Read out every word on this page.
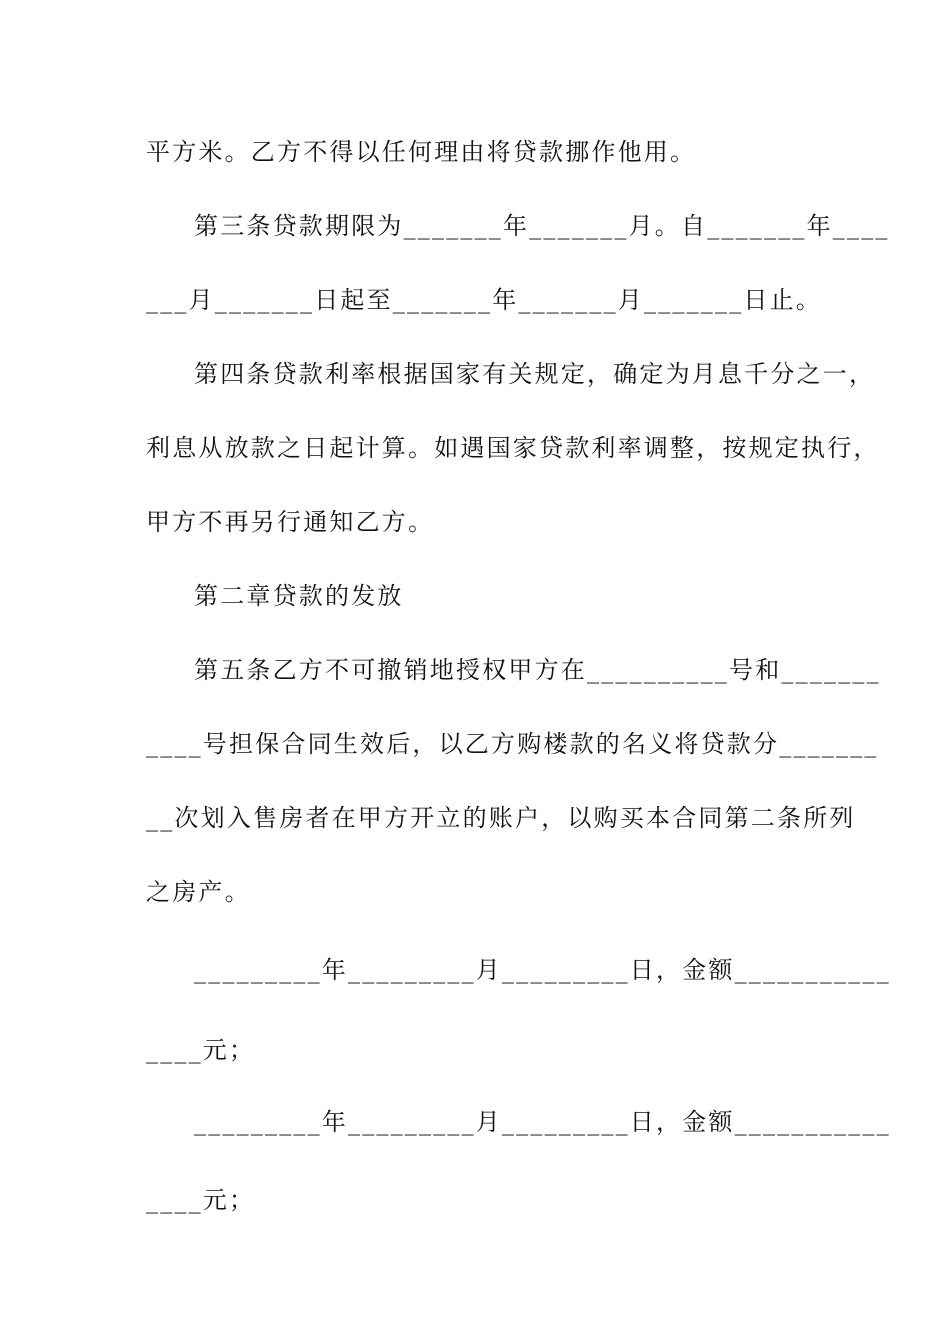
平方米。乙方不得以任何理由将贷款挪作他用。
第三条贷款期限为_______年_______月。自_______年____
___月_______日起至_______年_______月_______日止。
第四条贷款利率根据国家有关规定，确定为月息千分之一，
利息从放款之日起计算。如遇国家贷款利率调整，按规定执行，
甲方不再另行通知乙方。
第二章贷款的发放
第五条乙方不可撤销地授权甲方在__________号和_______
____号担保合同生效后，以乙方购楼款的名义将贷款分_______
__次划入售房者在甲方开立的账户，以购买本合同第二条所列
之房产。
_________年_________月_________日，金额___________
____元；
_________年_________月_________日，金额___________
____元；
